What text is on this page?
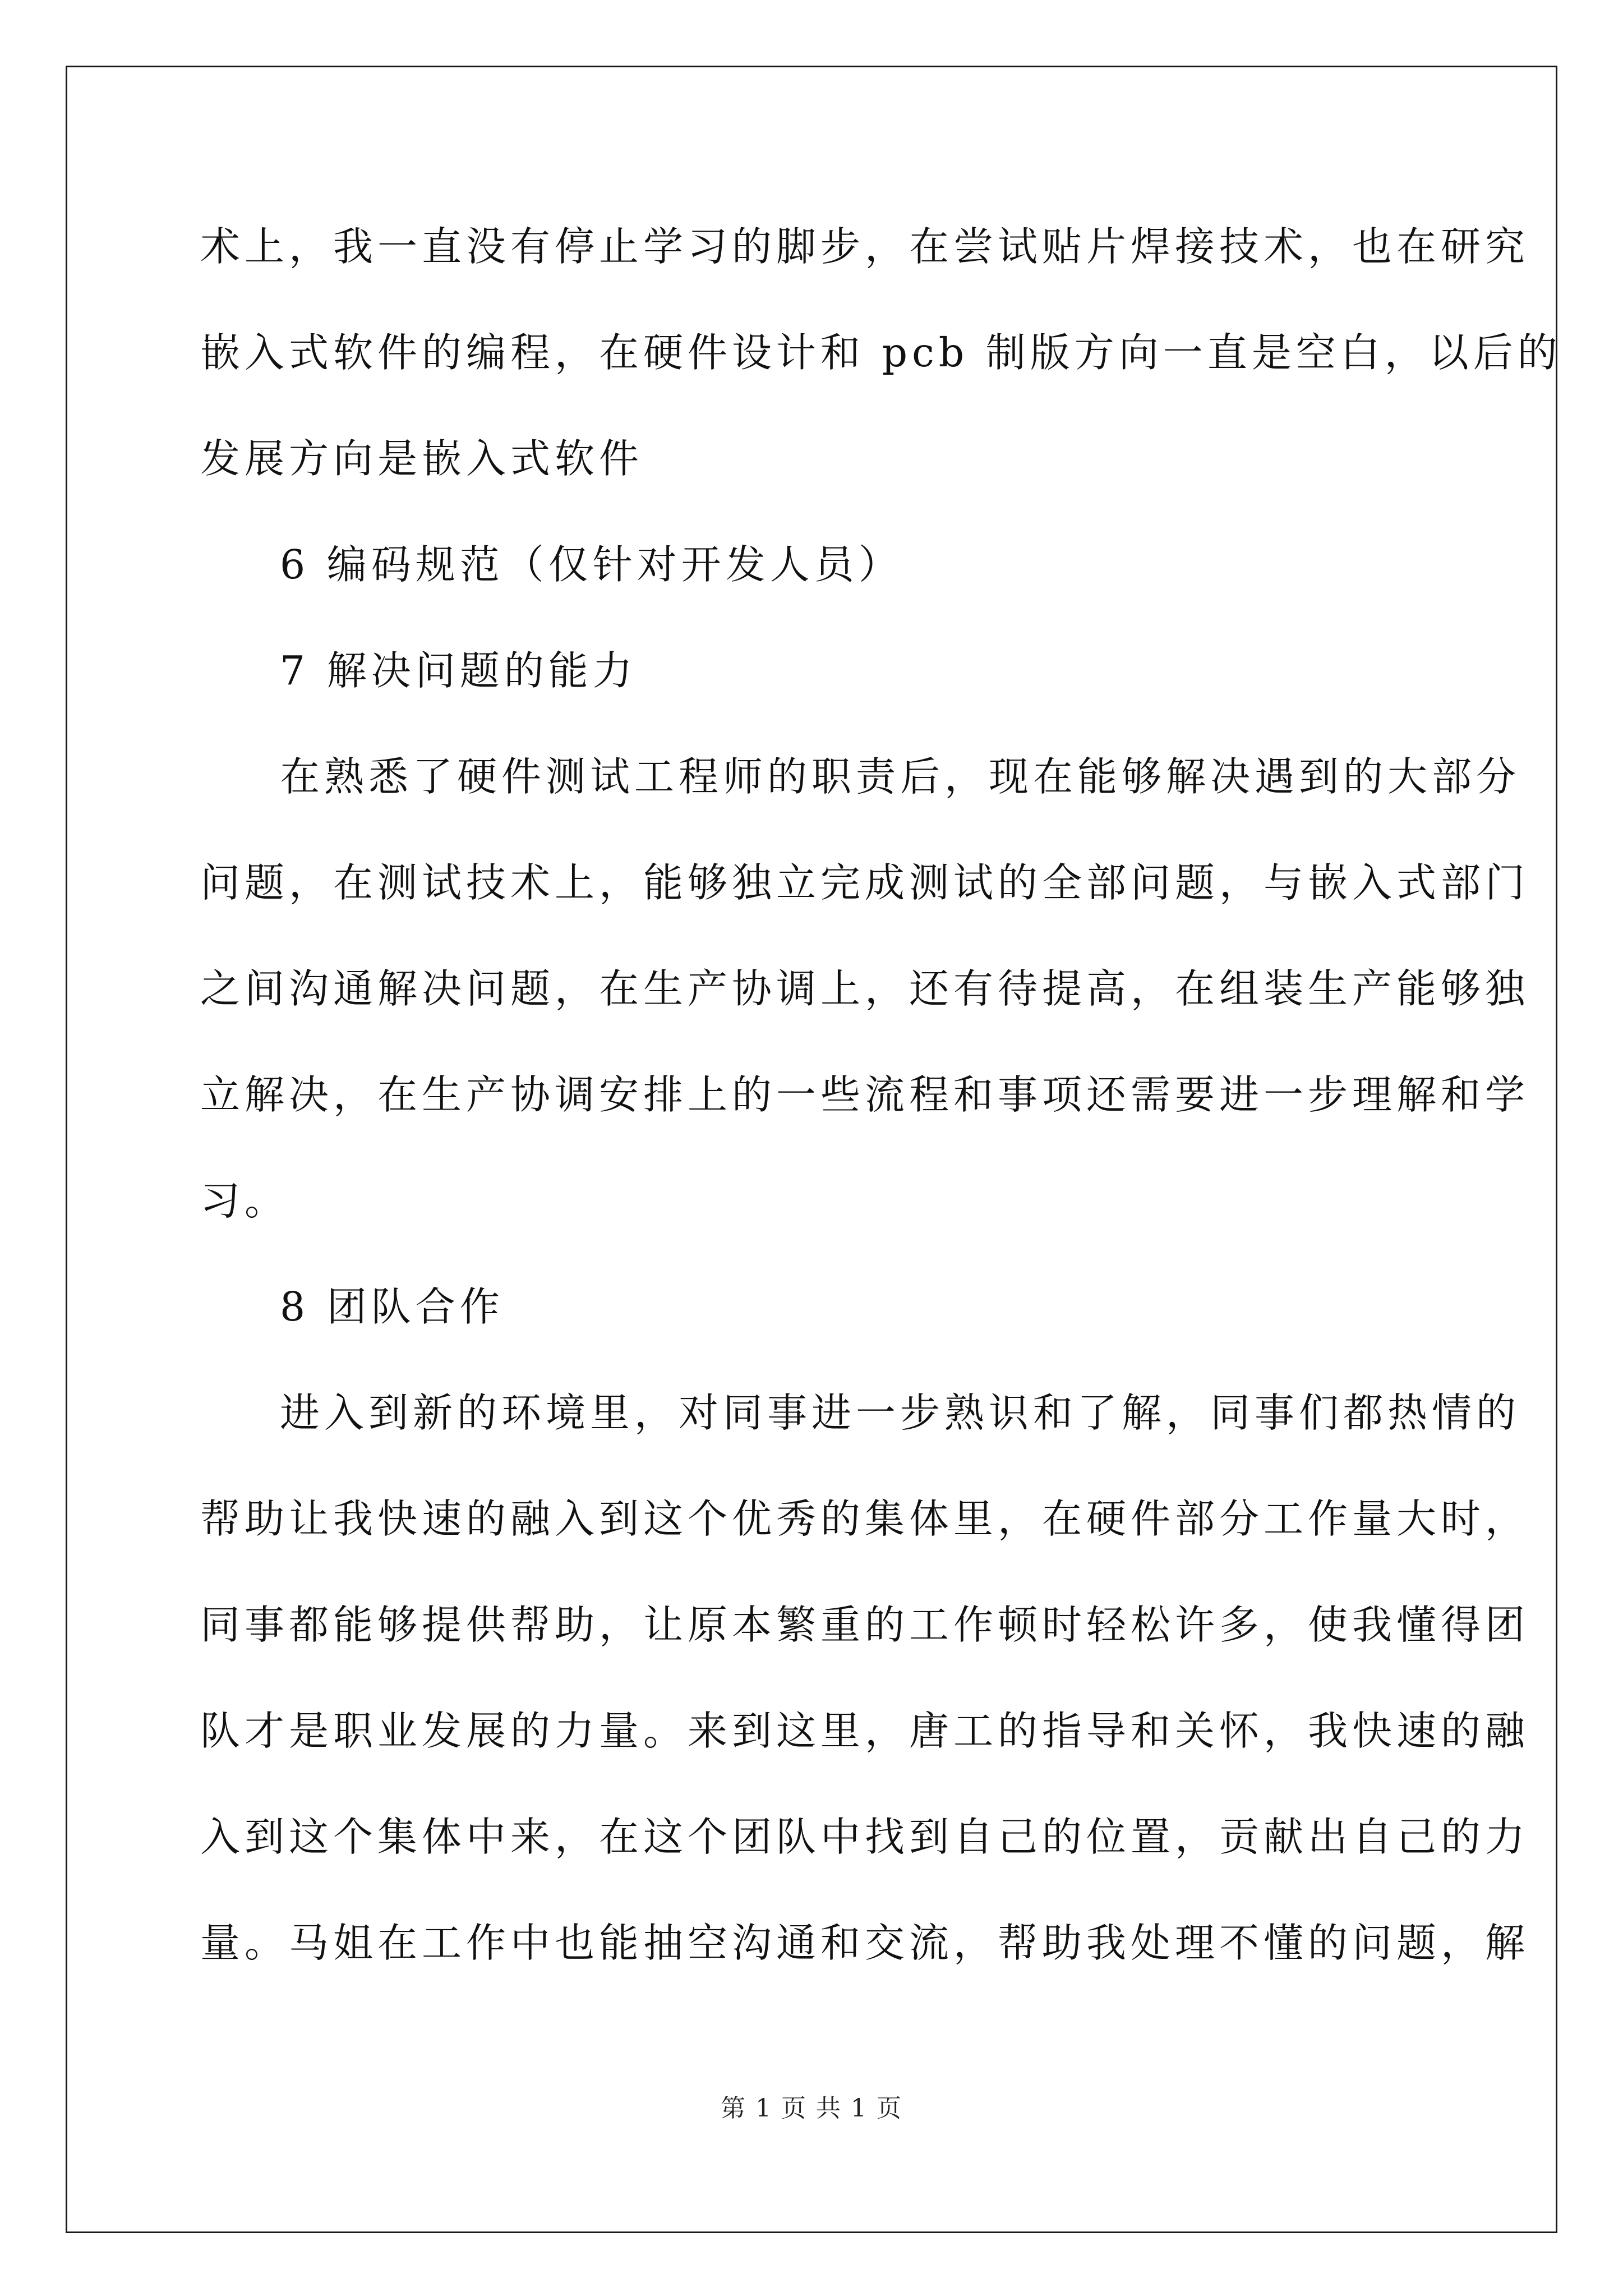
术上，我一直没有停止学习的脚步，在尝试贴片焊接技术，也在研究
嵌入式软件的编程，在硬件设计和 pcb 制版方向一直是空白，以后的
发展方向是嵌入式软件
6 编码规范（仅针对开发人员）
7 解决问题的能力
在熟悉了硬件测试工程师的职责后，现在能够解决遇到的大部分
问题，在测试技术上，能够独立完成测试的全部问题，与嵌入式部门
之间沟通解决问题，在生产协调上，还有待提高，在组装生产能够独
立解决，在生产协调安排上的一些流程和事项还需要进一步理解和学
习。
8 团队合作
进入到新的环境里，对同事进一步熟识和了解，同事们都热情的
帮助让我快速的融入到这个优秀的集体里，在硬件部分工作量大时，
同事都能够提供帮助，让原本繁重的工作顿时轻松许多，使我懂得团
队才是职业发展的力量。来到这里，唐工的指导和关怀，我快速的融
入到这个集体中来，在这个团队中找到自己的位置，贡献出自己的力
量。马姐在工作中也能抽空沟通和交流，帮助我处理不懂的问题，解
第 1 页 共 1 页
